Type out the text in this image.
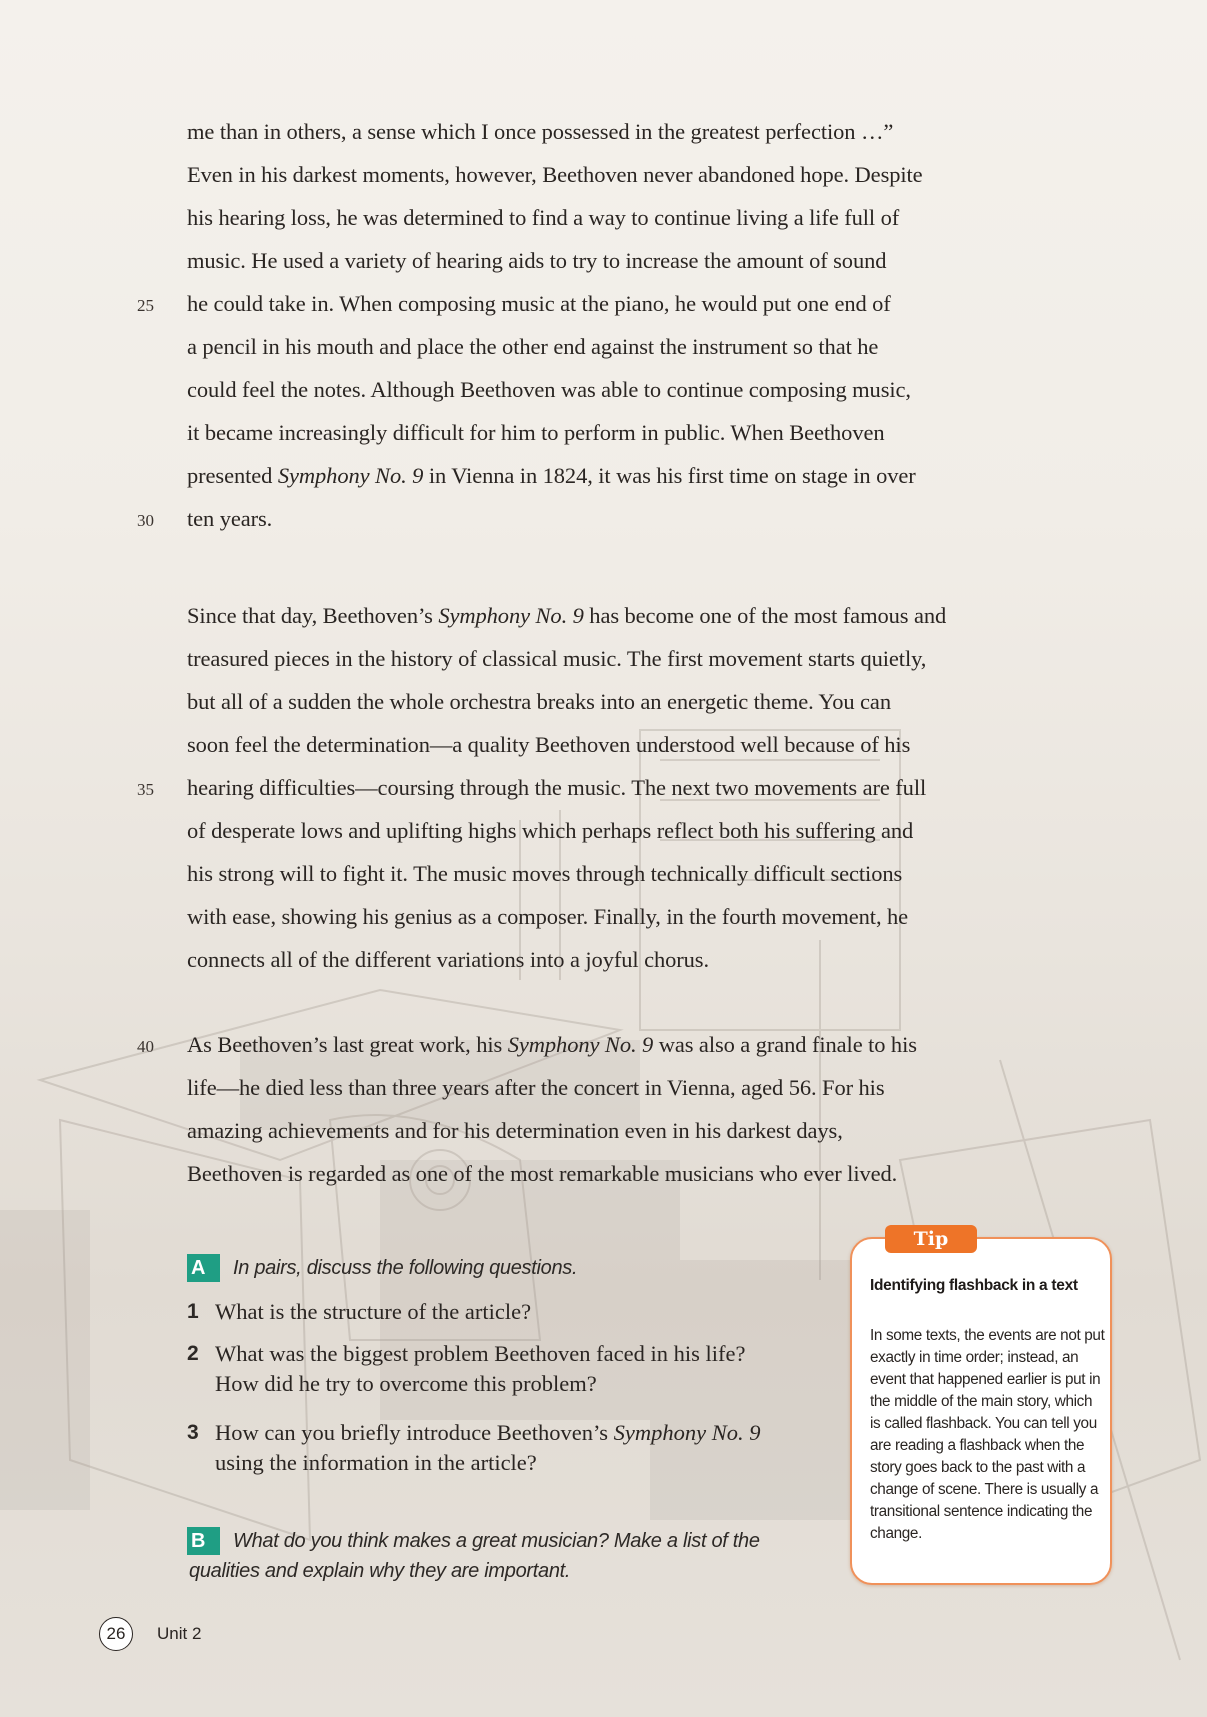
me than in others, a sense which I once possessed in the greatest perfection …”
Even in his darkest moments, however, Beethoven never abandoned hope. Despite
his hearing loss, he was determined to find a way to continue living a life full of
music. He used a variety of hearing aids to try to increase the amount of sound
25 he could take in. When composing music at the piano, he would put one end of
a pencil in his mouth and place the other end against the instrument so that he
could feel the notes. Although Beethoven was able to continue composing music,
it became increasingly difficult for him to perform in public. When Beethoven
presented Symphony No. 9 in Vienna in 1824, it was his first time on stage in over
30 ten years.
Since that day, Beethoven’s Symphony No. 9 has become one of the most famous and
treasured pieces in the history of classical music. The first movement starts quietly,
but all of a sudden the whole orchestra breaks into an energetic theme. You can
soon feel the determination—a quality Beethoven understood well because of his
35 hearing difficulties—coursing through the music. The next two movements are full
of desperate lows and uplifting highs which perhaps reflect both his suffering and
his strong will to fight it. The music moves through technically difficult sections
with ease, showing his genius as a composer. Finally, in the fourth movement, he
connects all of the different variations into a joyful chorus.
40 As Beethoven’s last great work, his Symphony No. 9 was also a grand finale to his
life—he died less than three years after the concert in Vienna, aged 56. For his
amazing achievements and for his determination even in his darkest days,
Beethoven is regarded as one of the most remarkable musicians who ever lived.
A	In pairs, discuss the following questions.
1 What is the structure of the article?
2 What was the biggest problem Beethoven faced in his life?
How did he try to overcome this problem?
3 How can you briefly introduce Beethoven’s Symphony No. 9
using the information in the article?
B	What do you think makes a great musician? Make a list of the
qualities and explain why they are important.
Tip
Identifying flashback in a text
In some texts, the events are not put exactly in time order; instead, an event that happened earlier is put in the middle of the main story, which is called flashback. You can tell you are reading a flashback when the story goes back to the past with a change of scene. There is usually a transitional sentence indicating the change.
26	Unit 2
